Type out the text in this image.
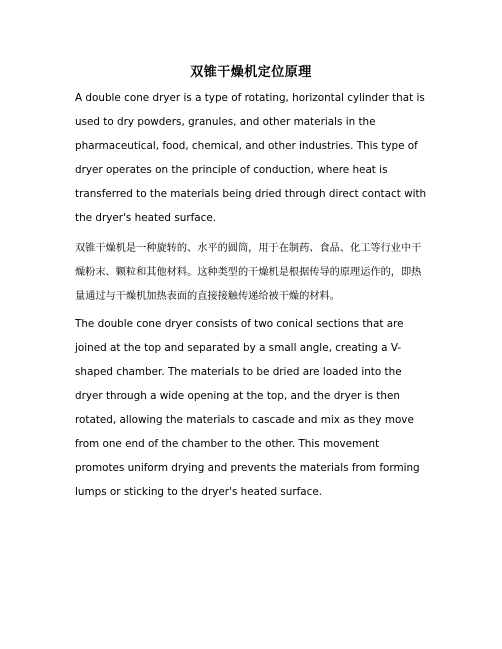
双锥干燥机定位原理

A double cone dryer is a type of rotating, horizontal cylinder that is used to dry powders, granules, and other materials in the pharmaceutical, food, chemical, and other industries. This type of dryer operates on the principle of conduction, where heat is transferred to the materials being dried through direct contact with the dryer's heated surface.

双锥干燥机是一种旋转的、水平的圆筒，用于在制药、食品、化工等行业中干燥粉末、颗粒和其他材料。这种类型的干燥机是根据传导的原理运作的，即热量通过与干燥机加热表面的直接接触传递给被干燥的材料。

The double cone dryer consists of two conical sections that are joined at the top and separated by a small angle, creating a V-shaped chamber. The materials to be dried are loaded into the dryer through a wide opening at the top, and the dryer is then rotated, allowing the materials to cascade and mix as they move from one end of the chamber to the other. This movement promotes uniform drying and prevents the materials from forming lumps or sticking to the dryer's heated surface.
